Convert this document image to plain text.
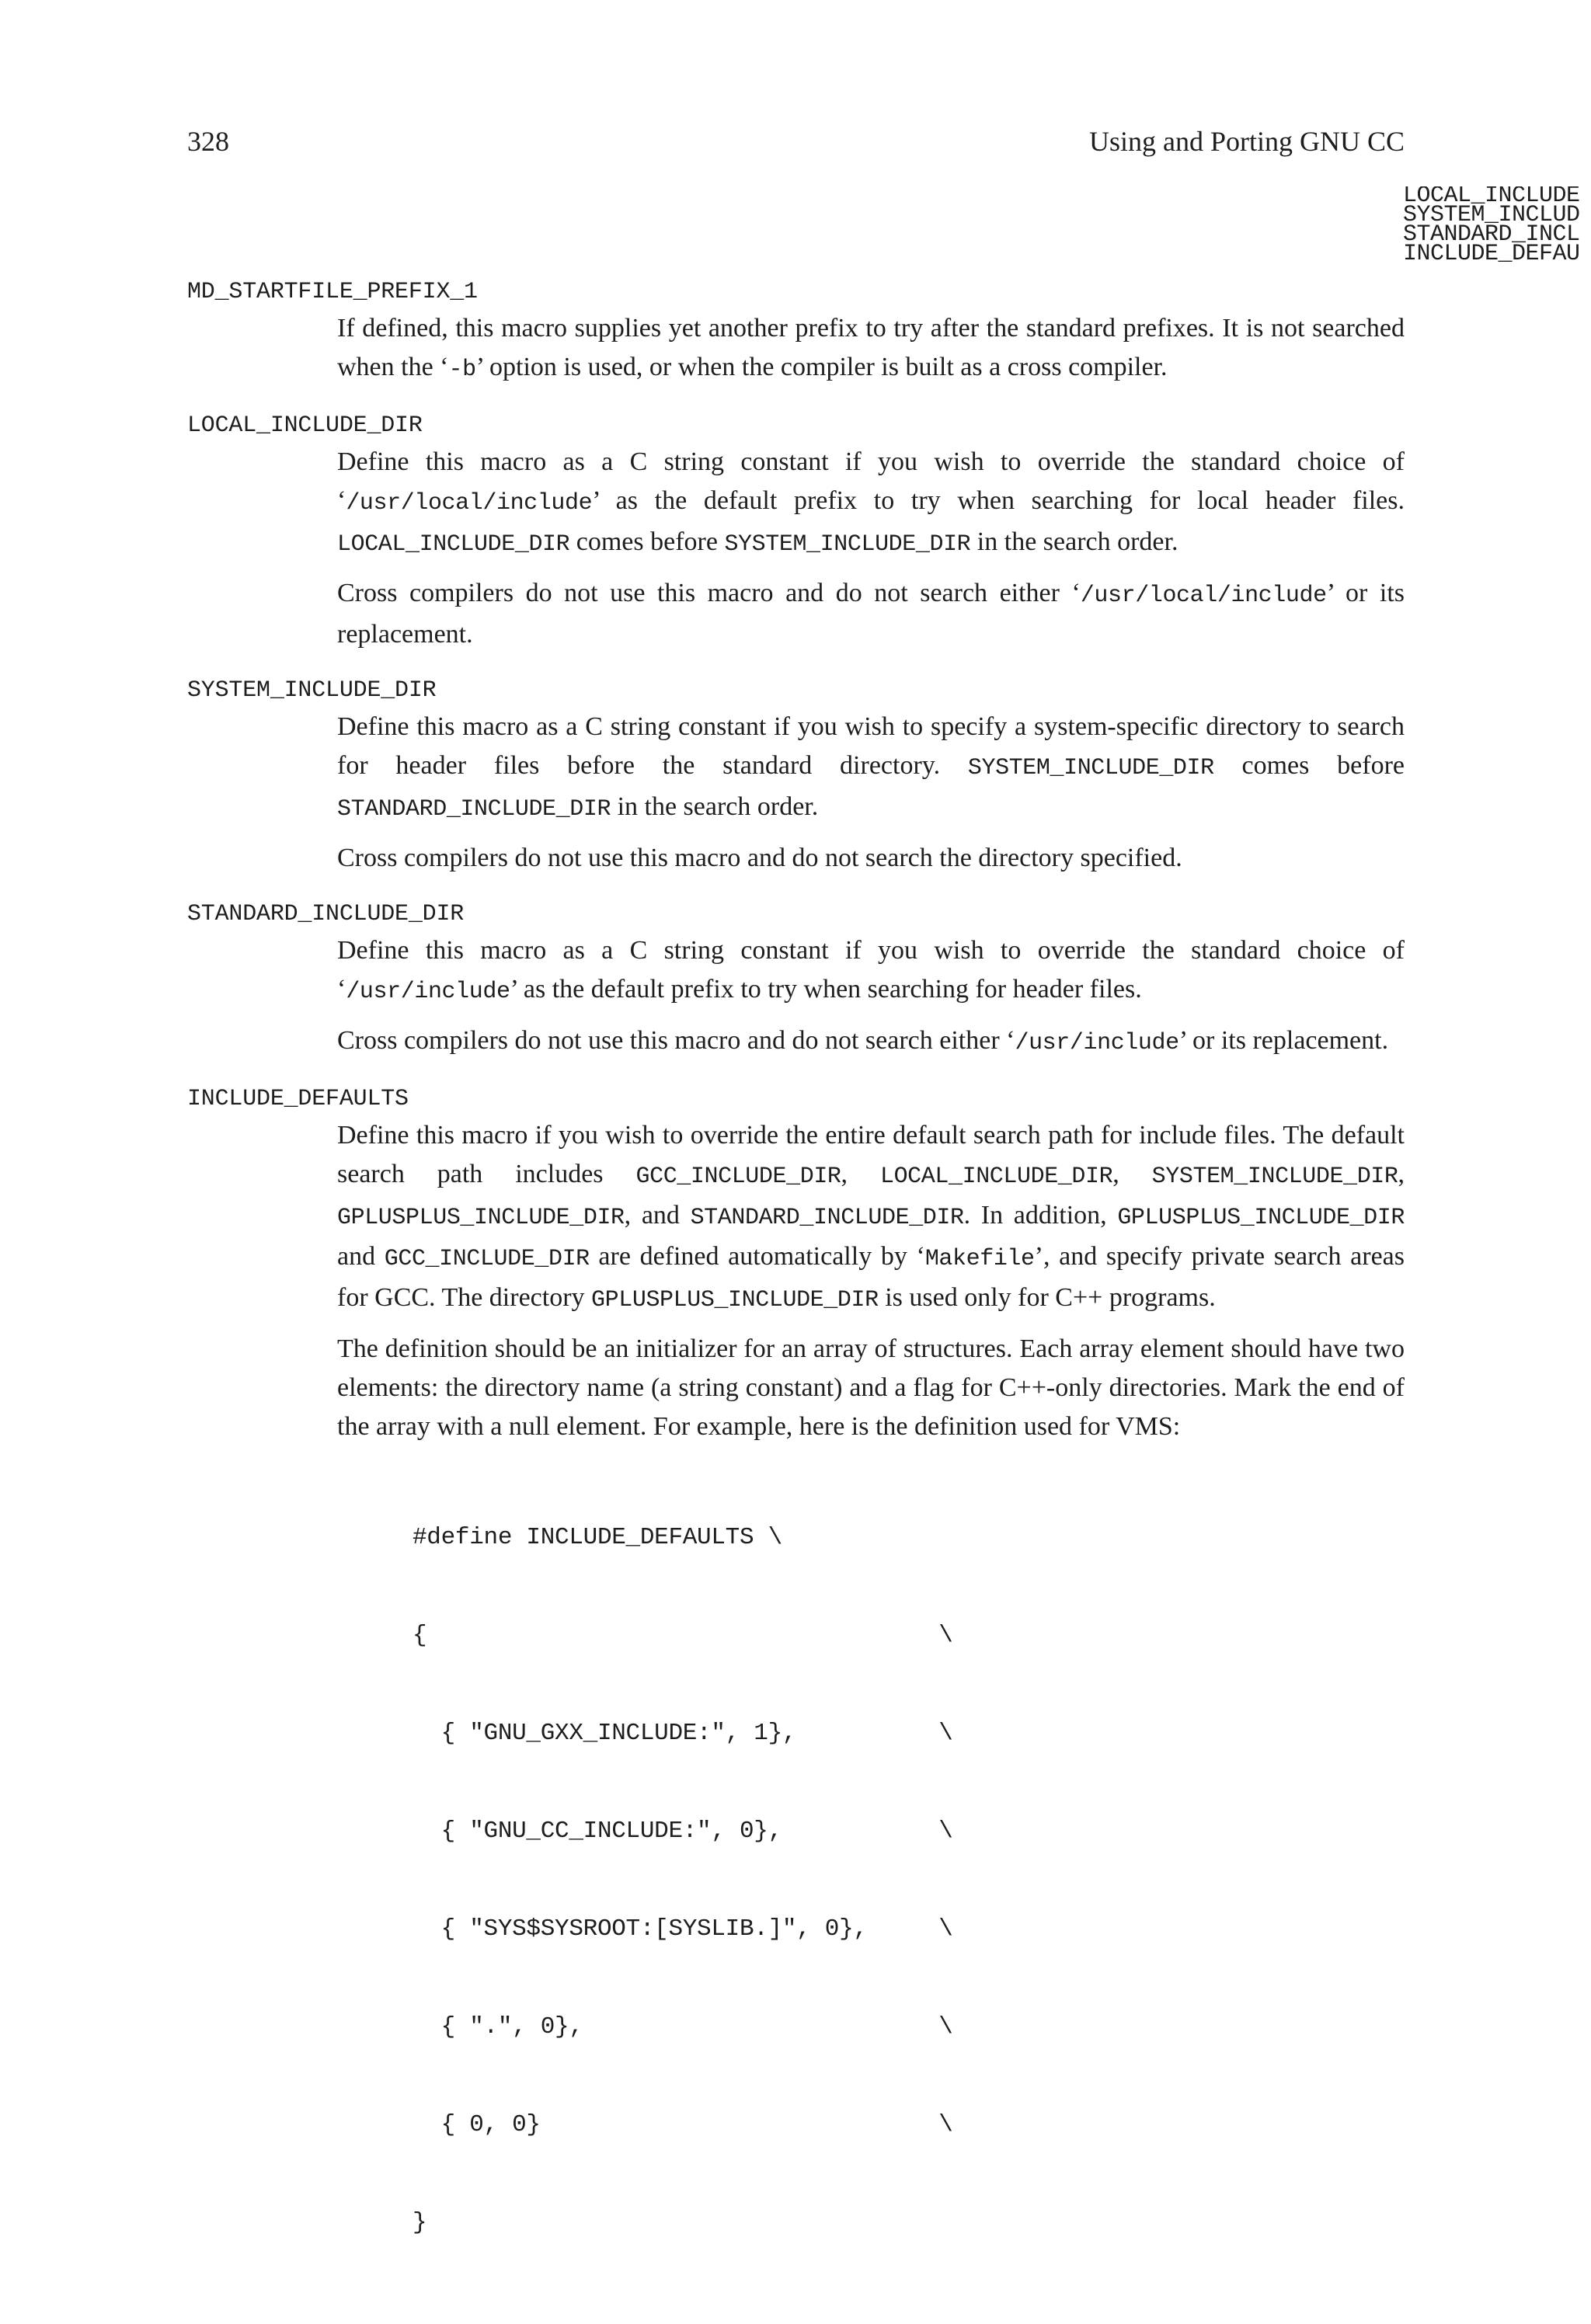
328	Using and Porting GNU CC
LOCAL_INCLUDE
SYSTEM_INCLUD
STANDARD_INCL
INCLUDE_DEFAU
MD_STARTFILE_PREFIX_1

If defined, this macro supplies yet another prefix to try after the standard prefixes. It is not searched when the ‘-b’ option is used, or when the compiler is built as a cross compiler.

LOCAL_INCLUDE_DIR

Define this macro as a C string constant if you wish to override the standard choice of ‘/usr/local/include’ as the default prefix to try when searching for local header files. LOCAL_INCLUDE_DIR comes before SYSTEM_INCLUDE_DIR in the search order.

Cross compilers do not use this macro and do not search either ‘/usr/local/include’ or its replacement.

SYSTEM_INCLUDE_DIR

Define this macro as a C string constant if you wish to specify a system-specific directory to search for header files before the standard directory. SYSTEM_INCLUDE_DIR comes before STANDARD_INCLUDE_DIR in the search order.

Cross compilers do not use this macro and do not search the directory specified.

STANDARD_INCLUDE_DIR

Define this macro as a C string constant if you wish to override the standard choice of ‘/usr/include’ as the default prefix to try when searching for header files.

Cross compilers do not use this macro and do not search either ‘/usr/include’ or its replacement.

INCLUDE_DEFAULTS

Define this macro if you wish to override the entire default search path for include files. The default search path includes GCC_INCLUDE_DIR, LOCAL_INCLUDE_DIR, SYSTEM_INCLUDE_DIR, GPLUSPLUS_INCLUDE_DIR, and STANDARD_INCLUDE_DIR. In addition, GPLUSPLUS_INCLUDE_DIR and GCC_INCLUDE_DIR are defined automatically by ‘Makefile’, and specify private search areas for GCC. The directory GPLUSPLUS_INCLUDE_DIR is used only for C++ programs.

The definition should be an initializer for an array of structures. Each array element should have two elements: the directory name (a string constant) and a flag for C++-only directories. Mark the end of the array with a null element. For example, here is the definition used for VMS:

#define INCLUDE_DEFAULTS \

{                                    \

{ "GNU_GXX_INCLUDE:", 1},          \

{ "GNU_CC_INCLUDE:", 0},           \

{ "SYS$SYSROOT:[SYSLIB.]", 0},     \

{ ".", 0},                         \

{ 0, 0}                            \

}
